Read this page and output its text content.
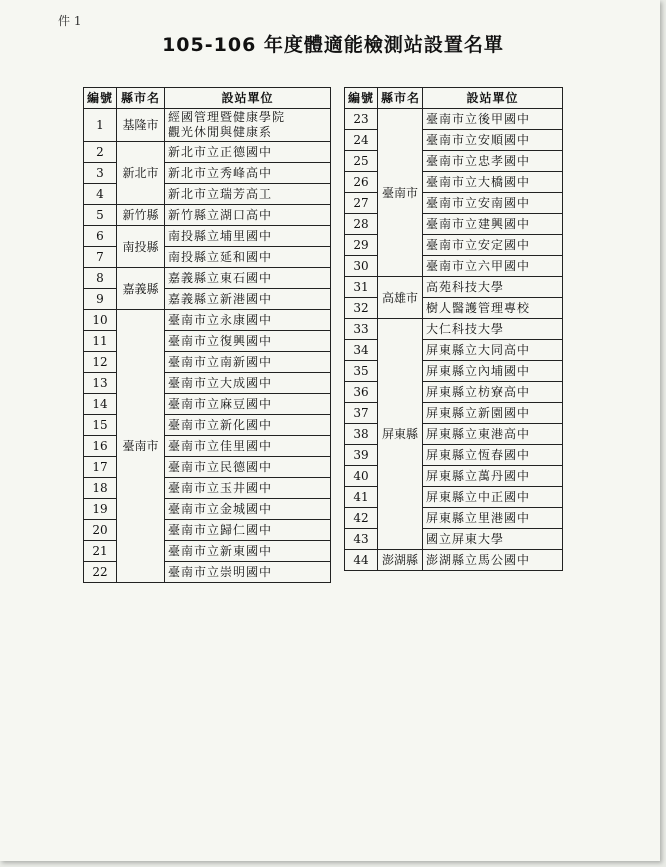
件 1
105-106 年度體適能檢測站設置名單
編號	縣市名	設站單位
1	基隆市	經國管理暨健康學院
觀光休閒與健康系
2	新北市	新北市立正德國中
3		新北市立秀峰高中
4		新北市立瑞芳高工
5	新竹縣	新竹縣立湖口高中
6	南投縣	南投縣立埔里國中
7		南投縣立延和國中
8	嘉義縣	嘉義縣立東石國中
9		嘉義縣立新港國中
10	臺南市	臺南市立永康國中
11		臺南市立復興國中
12		臺南市立南新國中
13		臺南市立大成國中
14		臺南市立麻豆國中
15		臺南市立新化國中
16		臺南市立佳里國中
17		臺南市立民德國中
18		臺南市立玉井國中
19		臺南市立金城國中
20		臺南市立歸仁國中
21		臺南市立新東國中
22		臺南市立崇明國中
編號	縣市名	設站單位
23	臺南市	臺南市立後甲國中
24		臺南市立安順國中
25		臺南市立忠孝國中
26		臺南市立大橋國中
27		臺南市立安南國中
28		臺南市立建興國中
29		臺南市立安定國中
30		臺南市立六甲國中
31	高雄市	高苑科技大學
32		樹人醫護管理專校
33	屏東縣	大仁科技大學
34		屏東縣立大同高中
35		屏東縣立內埔國中
36		屏東縣立枋寮高中
37		屏東縣立新園國中
38		屏東縣立東港高中
39		屏東縣立恆春國中
40		屏東縣立萬丹國中
41		屏東縣立中正國中
42		屏東縣立里港國中
43		國立屏東大學
44	澎湖縣	澎湖縣立馬公國中
